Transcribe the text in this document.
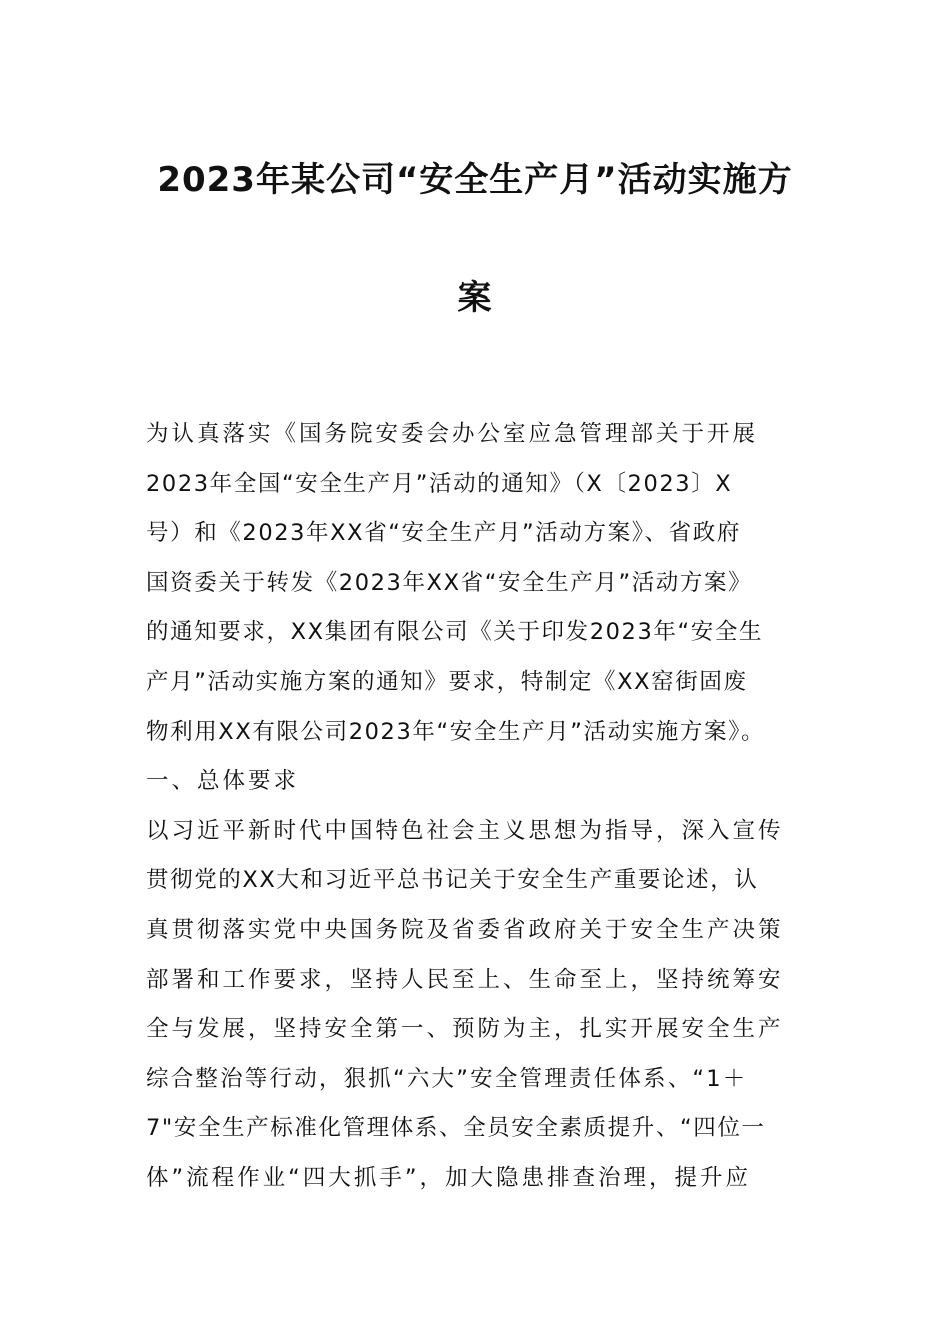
2023年某公司“安全生产月”活动实施方
案
为认真落实《国务院安委会办公室应急管理部关于开展
2023年全国“安全生产月”活动的通知》（X〔2023〕X
号）和《2023年XX省“安全生产月”活动方案》、省政府
国资委关于转发《2023年XX省“安全生产月”活动方案》
的通知要求，XX集团有限公司《关于印发2023年“安全生
产月”活动实施方案的通知》要求，特制定《XX窑街固废
物利用XX有限公司2023年“安全生产月”活动实施方案》。
一、总体要求
以习近平新时代中国特色社会主义思想为指导，深入宣传
贯彻党的XX大和习近平总书记关于安全生产重要论述，认
真贯彻落实党中央国务院及省委省政府关于安全生产决策
部署和工作要求，坚持人民至上、生命至上，坚持统筹安
全与发展，坚持安全第一、预防为主，扎实开展安全生产
综合整治等行动，狠抓“六大”安全管理责任体系、“1＋
7"安全生产标准化管理体系、全员安全素质提升、“四位一
体”流程作业“四大抓手”，加大隐患排查治理，提升应
